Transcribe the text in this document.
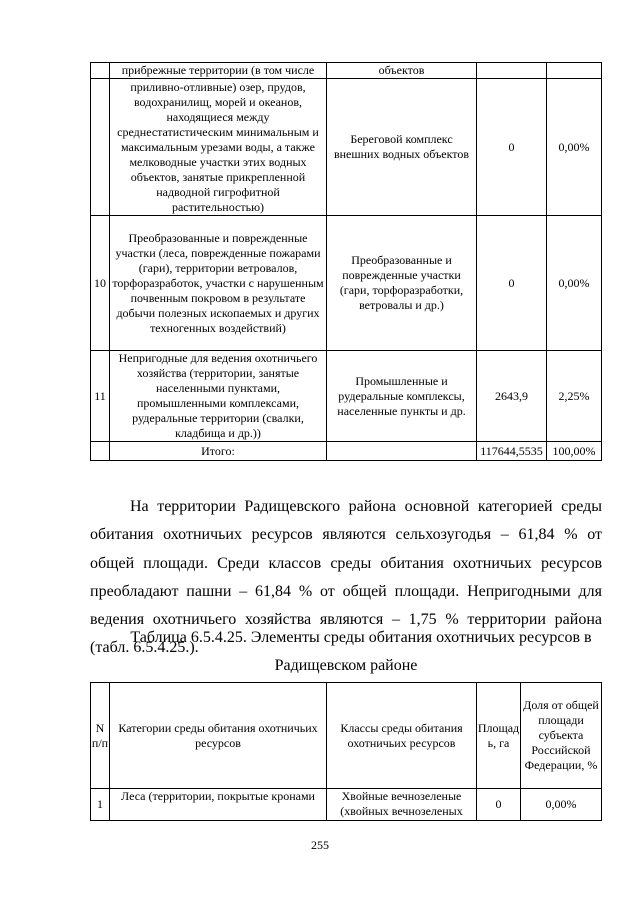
	прибрежные территории (в том числе	объектов		
	приливно-отливные) озер, прудов, водохранилищ, морей и океанов, находящиеся между среднестатистическим минимальным и максимальным урезами воды, а также мелководные участки этих водных объектов, занятые прикрепленной надводной гигрофитной растительностью)	Береговой комплекс внешних водных объектов	0	0,00%
10	Преобразованные и поврежденные участки (леса, поврежденные пожарами (гари), территории ветровалов, торфоразработок, участки с нарушенным почвенным покровом в результате добычи полезных ископаемых и других техногенных воздействий)	Преобразованные и поврежденные участки (гари, торфоразработки, ветровалы и др.)	0	0,00%
11	Непригодные для ведения охотничьего хозяйства (территории, занятые населенными пунктами, промышленными комплексами, рудеральные территории (свалки, кладбища и др.))	Промышленные и рудеральные комплексы, населенные пункты и др.	2643,9	2,25%
	Итого:		117644,5535	100,00%

На территории Радищевского района основной категорией среды обитания охотничьих ресурсов являются сельхозугодья – 61,84 % от общей площади. Среди классов среды обитания охотничьих ресурсов преобладают пашни – 61,84 % от общей площади. Непригодными для ведения охотничьего хозяйства являются – 1,75 % территории района (табл. 6.5.4.25.).

Таблица 6.5.4.25. Элементы среды обитания охотничьих ресурсов в

Радищевском районе

N п/п	Категории среды обитания охотничьих ресурсов	Классы среды обитания охотничьих ресурсов	Площадь, га	Доля от общей площади субъекта Российской Федерации, %
1	Леса (территории, покрытые кронами	Хвойные вечнозеленые (хвойных вечнозеленых	0	0,00%
255
